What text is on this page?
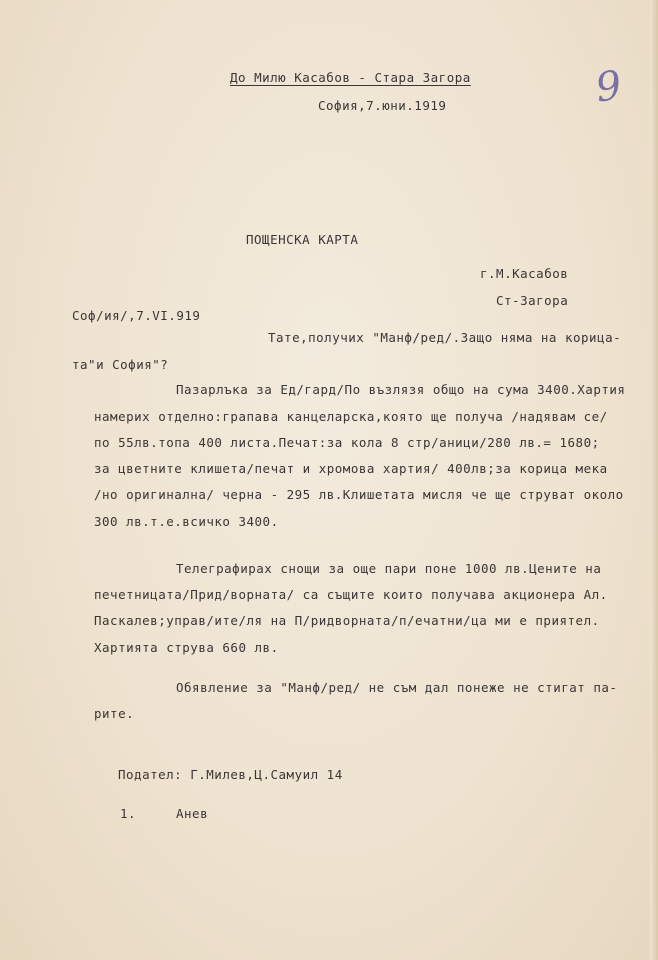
До Милю Касабов - Стара Загора
София,7.юни.1919	9
ПОЩЕНСКА КАРТА
г.М.Касабов
Ст-Загора
Соф/ия/,7.VI.919
Тате,получих "Манф/ред/.Защо няма на корица-
та"и София"?
Пазарлъка за Ед/гард/По възлязя общо на сума 3400.Хартия
намерих отделно:грапава канцеларска,която ще получа /надявам се/
по 55лв.топа 400 листа.Печат:за кола 8 стр/аници/280 лв.= 1680;
за цветните клишета/печат и хромова хартия/ 400лв;за корица мека
/но оригинална/ черна - 295 лв.Клишетата мисля че ще струват около
300 лв.т.е.всичко 3400.
Телеграфирах снощи за още пари поне 1000 лв.Цените на
печетницата/Прид/ворната/ са същите които получава акционера Ал.
Паскалев;управ/ите/ля на П/ридворната/п/ечатни/ца ми е приятел.
Хартията струва 660 лв.
Обявление за "Манф/ред/ не съм дал понеже не стигат па-
рите.
Подател: Г.Милев,Ц.Самуил 14
1.	Анев
